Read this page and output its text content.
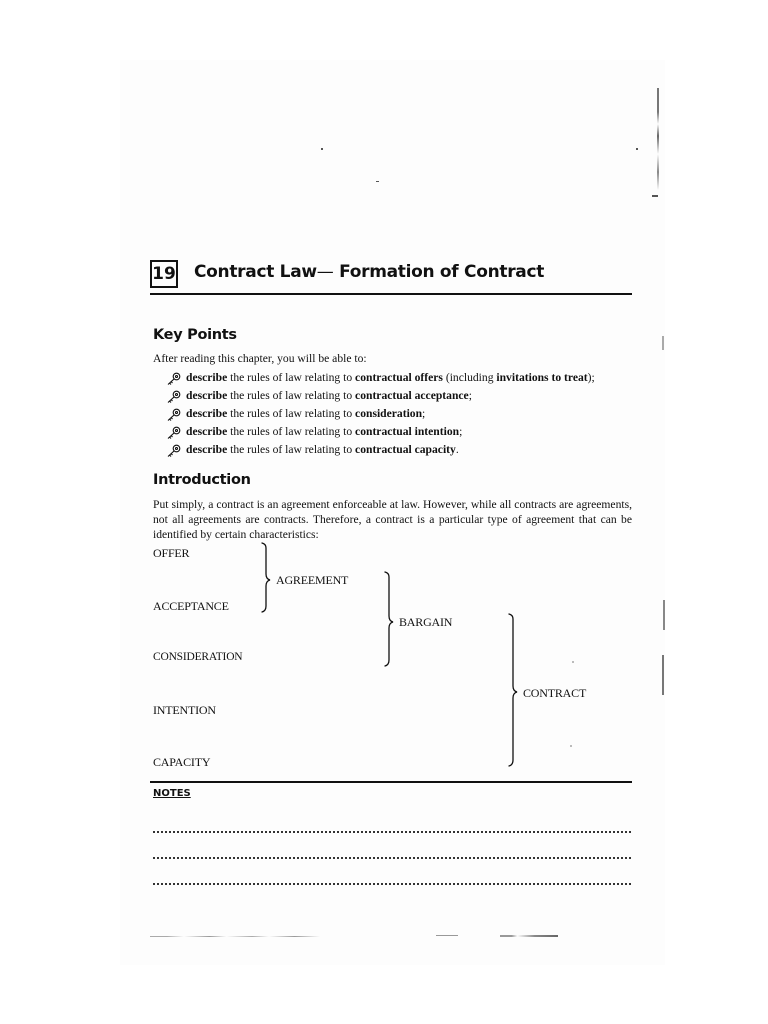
19 Contract Law— Formation of Contract
Key Points
After reading this chapter, you will be able to:
describe the rules of law relating to contractual offers (including invitations to treat);
describe the rules of law relating to contractual acceptance;
describe the rules of law relating to consideration;
describe the rules of law relating to contractual intention;
describe the rules of law relating to contractual capacity.
Introduction
Put simply, a contract is an agreement enforceable at law. However, while all contracts are agreements, not all agreements are contracts. Therefore, a contract is a particular type of agreement that can be identified by certain characteristics:
OFFER
ACCEPTANCE
CONSIDERATION
INTENTION
CAPACITY
AGREEMENT
BARGAIN
CONTRACT
NOTES
